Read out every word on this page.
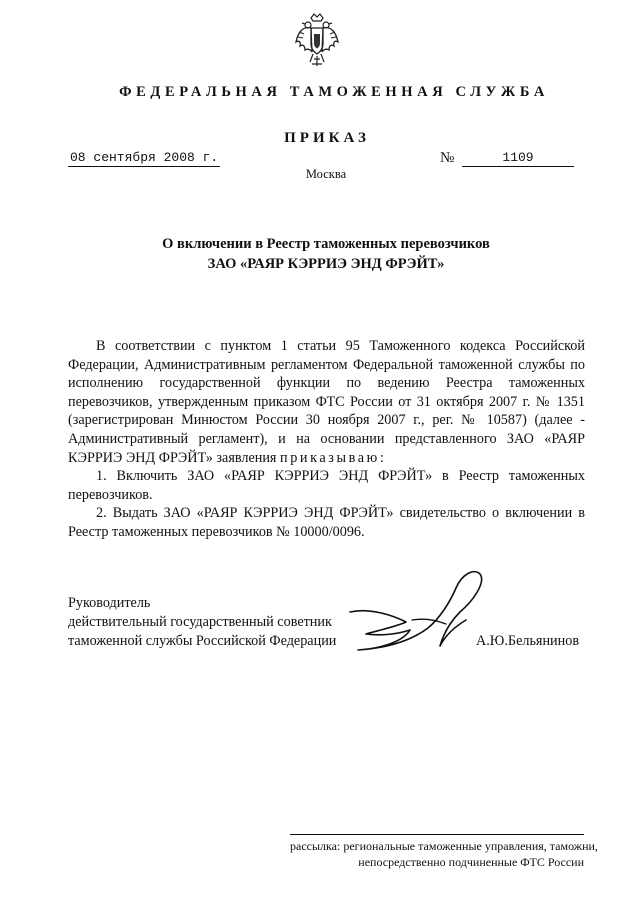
ФЕДЕРАЛЬНАЯ ТАМОЖЕННАЯ СЛУЖБА
ПРИКАЗ
08 сентября 2008 г.	№	1109
Москва
О включении в Реестр таможенных перевозчиков
ЗАО «РАЯР КЭРРИЭ ЭНД ФРЭЙТ»

В соответствии с пунктом 1 статьи 95 Таможенного кодекса Российской Федерации, Административным регламентом Федеральной таможенной службы по исполнению государственной функции по ведению Реестра таможенных перевозчиков, утвержденным приказом ФТС России от 31 октября 2007 г. № 1351 (зарегистрирован Минюстом России 30 ноября 2007 г., рег. № 10587) (далее - Административный регламент), и на основании представленного ЗАО «РАЯР КЭРРИЭ ЭНД ФРЭЙТ» заявления приказываю:

1. Включить ЗАО «РАЯР КЭРРИЭ ЭНД ФРЭЙТ» в Реестр таможенных перевозчиков.

2. Выдать ЗАО «РАЯР КЭРРИЭ ЭНД ФРЭЙТ» свидетельство о включении в Реестр таможенных перевозчиков № 10000/0096.

Руководитель
действительный государственный советник
таможенной службы Российской Федерации	А.Ю.Бельянинов
рассылка: региональные таможенные управления, таможни,
непосредственно подчиненные ФТС России
